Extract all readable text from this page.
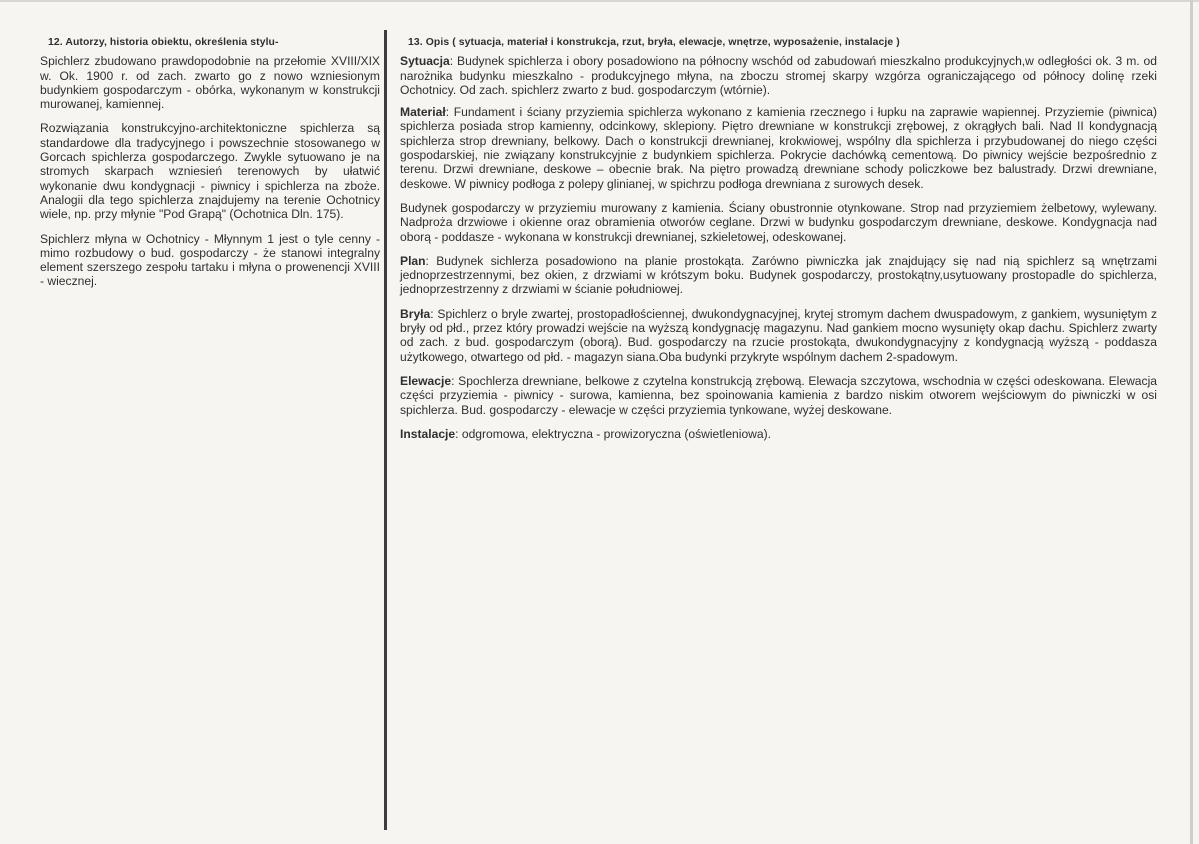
12. Autorzy, historia obiektu, określenia stylu-

Spichlerz zbudowano prawdopodobnie na przełomie XVIII/XIX w. Ok. 1900 r. od zach. zwarto go z nowo wzniesionym budynkiem gospodarczym - obórka, wykonanym w konstrukcji murowanej, kamiennej.

Rozwiązania konstrukcyjno-architektoniczne spichlerza są standardowe dla tradycyjnego i powszechnie stosowanego w Gorcach spichlerza gospodarczego. Zwykle sytuowano je na stromych skarpach wzniesień terenowych by ułatwić wykonanie dwu kondygnacji - piwnicy i spichlerza na zboże. Analogii dla tego spichlerza znajdujemy na terenie Ochotnicy wiele, np. przy młynie "Pod Grapą" (Ochotnica Dln. 175).

Spichlerz młyna w Ochotnicy - Młynnym 1 jest o tyle cenny - mimo rozbudowy o bud. gospodarczy - że stanowi integralny element szerszego zespołu tartaku i młyna o prowenencji XVIII - wiecznej.

13. Opis ( sytuacja, materiał i konstrukcja, rzut, bryła, elewacje, wnętrze, wyposażenie, instalacje )

Sytuacja: Budynek spichlerza i obory posadowiono na północny wschód od zabudowań mieszkalno produkcyjnych,w odległości ok. 3 m. od narożnika budynku mieszkalno - produkcyjnego młyna, na zboczu stromej skarpy wzgórza ograniczającego od północy dolinę rzeki Ochotnicy. Od zach. spichlerz zwarto z bud. gospodarczym (wtórnie).

Materiał: Fundament i ściany przyziemia spichlerza wykonano z kamienia rzecznego i łupku na zaprawie wapiennej. Przyziemie (piwnica) spichlerza posiada strop kamienny, odcinkowy, sklepiony. Piętro drewniane w konstrukcji zrębowej, z okrągłych bali. Nad II kondygnacją spichlerza strop drewniany, belkowy. Dach o konstrukcji drewnianej, krokwiowej, wspólny dla spichlerza i przybudowanej do niego części gospodarskiej, nie związany konstrukcyjnie z budynkiem spichlerza. Pokrycie dachówką cementową. Do piwnicy wejście bezpośrednio z terenu. Drzwi drewniane, deskowe – obecnie brak. Na piętro prowadzą drewniane schody policzkowe bez balustrady. Drzwi drewniane, deskowe. W piwnicy podłoga z polepy glinianej, w spichrzu podłoga drewniana z surowych desek.

Budynek gospodarczy w przyziemiu murowany z kamienia. Ściany obustronnie otynkowane. Strop nad przyziemiem żelbetowy, wylewany. Nadproża drzwiowe i okienne oraz obramienia otworów ceglane. Drzwi w budynku gospodarczym drewniane, deskowe. Kondygnacja nad oborą - poddasze - wykonana w konstrukcji drewnianej, szkieletowej, odeskowanej.

Plan: Budynek sichlerza posadowiono na planie prostokąta. Zarówno piwniczka jak znajdujący się nad nią spichlerz są wnętrzami jednoprzestrzennymi, bez okien, z drzwiami w krótszym boku. Budynek gospodarczy, prostokątny,usytuowany prostopadle do spichlerza, jednoprzestrzenny z drzwiami w ścianie południowej.

Bryła: Spichlerz o bryle zwartej, prostopadłościennej, dwukondygnacyjnej, krytej stromym dachem dwuspadowym, z gankiem, wysuniętym z bryły od płd., przez który prowadzi wejście na wyższą kondygnację magazynu. Nad gankiem mocno wysunięty okap dachu. Spichlerz zwarty od zach. z bud. gospodarczym (oborą). Bud. gospodarczy na rzucie prostokąta, dwukondygnacyjny z kondygnacją wyższą - poddasza użytkowego, otwartego od płd. - magazyn siana.Oba budynki przykryte wspólnym dachem 2-spadowym.

Elewacje: Spochlerza drewniane, belkowe z czytelna konstrukcją zrębową. Elewacja szczytowa, wschodnia w części odeskowana. Elewacja części przyziemia - piwnicy - surowa, kamienna, bez spoinowania kamienia z bardzo niskim otworem wejściowym do piwniczki w osi spichlerza. Bud. gospodarczy - elewacje w części przyziemia tynkowane, wyżej deskowane.

Instalacje: odgromowa, elektryczna - prowizoryczna (oświetleniowa).
